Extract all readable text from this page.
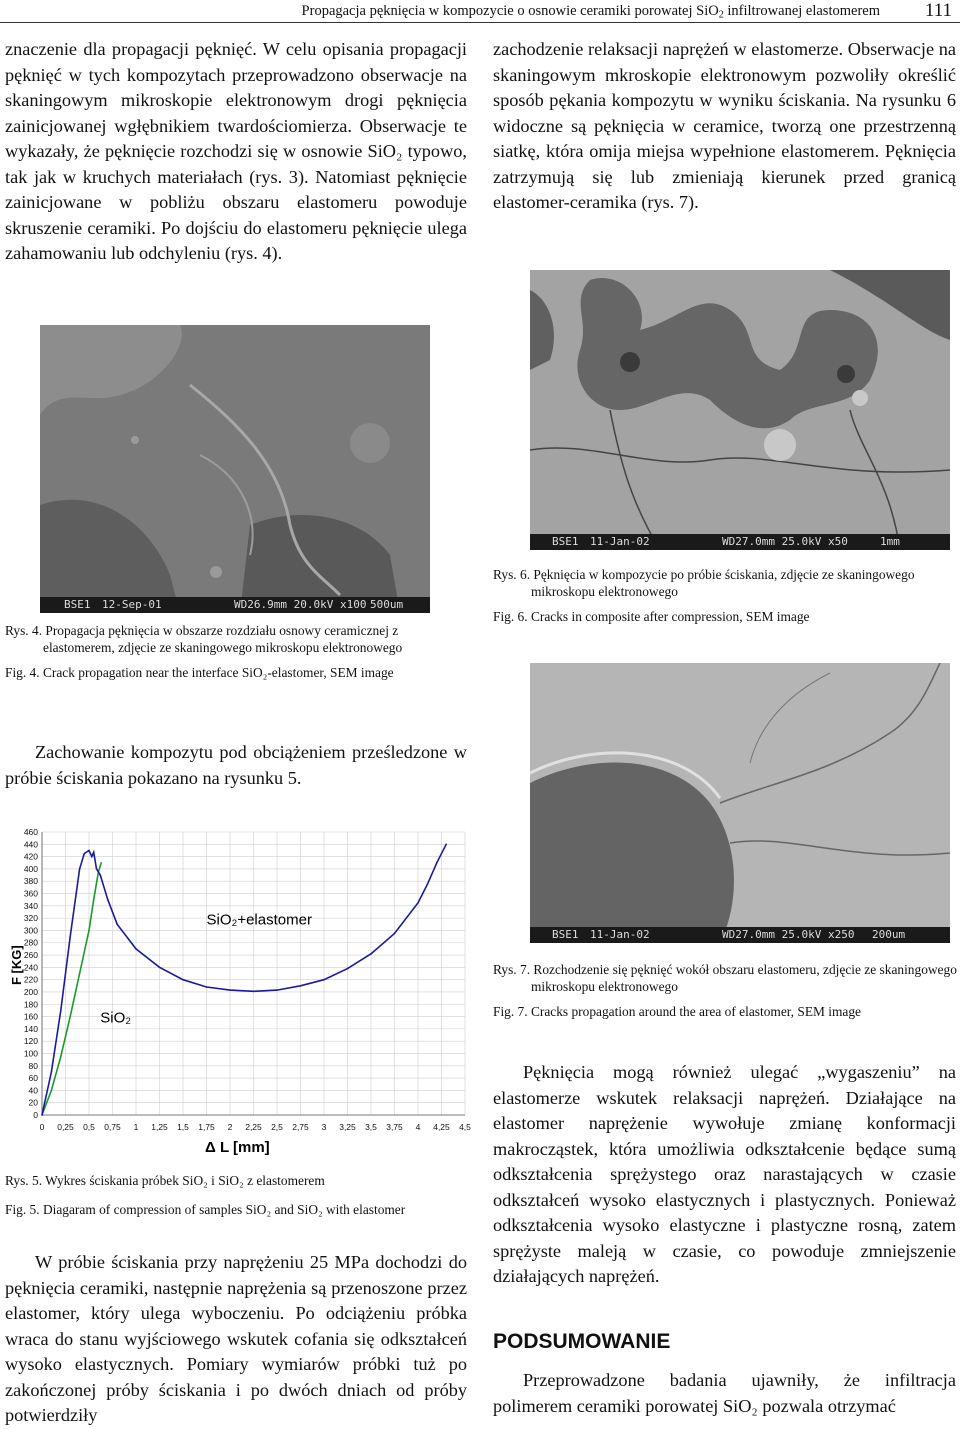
Propagacja pęknięcia w kompozycie o osnowie ceramiki porowatej SiO$_2$ infiltrowanej elastomerem 111

znaczenie dla propagacji pęknięć. W celu opisania propagacji pęknięć w tych kompozytach przeprowadzono obserwacje na skaningowym mikroskopie elektronowym drogi pęknięcia zainicjowanej wgłębnikiem twardościomierza. Obserwacje te wykazały, że pęknięcie rozchodzi się w osnowie SiO₂ typowo, tak jak w kruchych materiałach (rys. 3). Natomiast pęknięcie zainicjowane w pobliżu obszaru elastomeru powoduje skruszenie ceramiki. Po dojściu do elastomeru pęknięcie ulega zahamowaniu lub odchyleniu (rys. 4).

zachodzenie relaksacji naprężeń w elastomerze. Obserwacje na skaningowym mkroskopie elektronowym pozwoliły określić sposób pękania kompozytu w wyniku ściskania. Na rysunku 6 widoczne są pęknięcia w ceramice, tworzą one przestrzenną siatkę, która omija miejsa wypełnione elastomerem. Pęknięcia zatrzymują się lub zmieniają kierunek przed granicą elastomer-ceramika (rys. 7).

BSE1 12-Sep-01	WD26.9mm 20.0kV x100 500um

Rys. 4. Propagacja pęknięcia w obszarze rozdziału osnowy ceramicznej z elastomerem, zdjęcie ze skaningowego mikroskopu elektronowego

Fig. 4. Crack propagation near the interface SiO₂-elastomer, SEM image

BSE1 11-Jan-02	WD27.0mm 25.0kV x50	1mm

Rys. 6. Pęknięcia w kompozycie po próbie ściskania, zdjęcie ze skaningowego mikroskopu elektronowego

Fig. 6. Cracks in composite after compression, SEM image

BSE1 11-Jan-02	WD27.0mm 25.0kV x250 200um

Rys. 7. Rozchodzenie się pęknięć wokół obszaru elastomeru, zdjęcie ze skaningowego mikroskopu elektronowego

Fig. 7. Cracks propagation around the area of elastomer, SEM image

Zachowanie kompozytu pod obciążeniem prześledzone w próbie ściskania pokazano na rysunku 5.

0
20
40
60
80
100
120
140
160
180
200
220
240
260
280
300
320
340
360
380
400
420
440
460
0 0,25 0,5 0,75 1 1,25 1,5 1,75 2 2,25 2,5 2,75 3 3,25 3,5 3,75 4 4,25 4,5
F [KG]
Δ L [mm]
SiO₂
SiO₂+elastomer

Rys. 5. Wykres ściskania próbek SiO₂ i SiO₂ z elastomerem

Fig. 5. Diagaram of compression of samples SiO₂ and SiO₂ with elastomer

W próbie ściskania przy naprężeniu 25 MPa dochodzi do pęknięcia ceramiki, następnie naprężenia są przenoszone przez elastomer, który ulega wyboczeniu. Po odciążeniu próbka wraca do stanu wyjściowego wskutek cofania się odkształceń wysoko elastycznych. Pomiary wymiarów próbki tuż po zakończonej próby ściskania i po dwóch dniach od próby potwierdziły

Pęknięcia mogą również ulegać „wygaszeniu” na elastomerze wskutek relaksacji naprężeń. Działające na elastomer naprężenie wywołuje zmianę konformacji makrocząstek, która umożliwia odkształcenie będące sumą odkształcenia sprężystego oraz narastających w czasie odkształceń wysoko elastycznych i plastycznych. Ponieważ odkształcenia wysoko elastyczne i plastyczne rosną, zatem sprężyste maleją w czasie, co powoduje zmniejszenie działających naprężeń.

PODSUMOWANIE

Przeprowadzone badania ujawniły, że infiltracja polimerem ceramiki porowatej SiO₂ pozwala otrzymać
